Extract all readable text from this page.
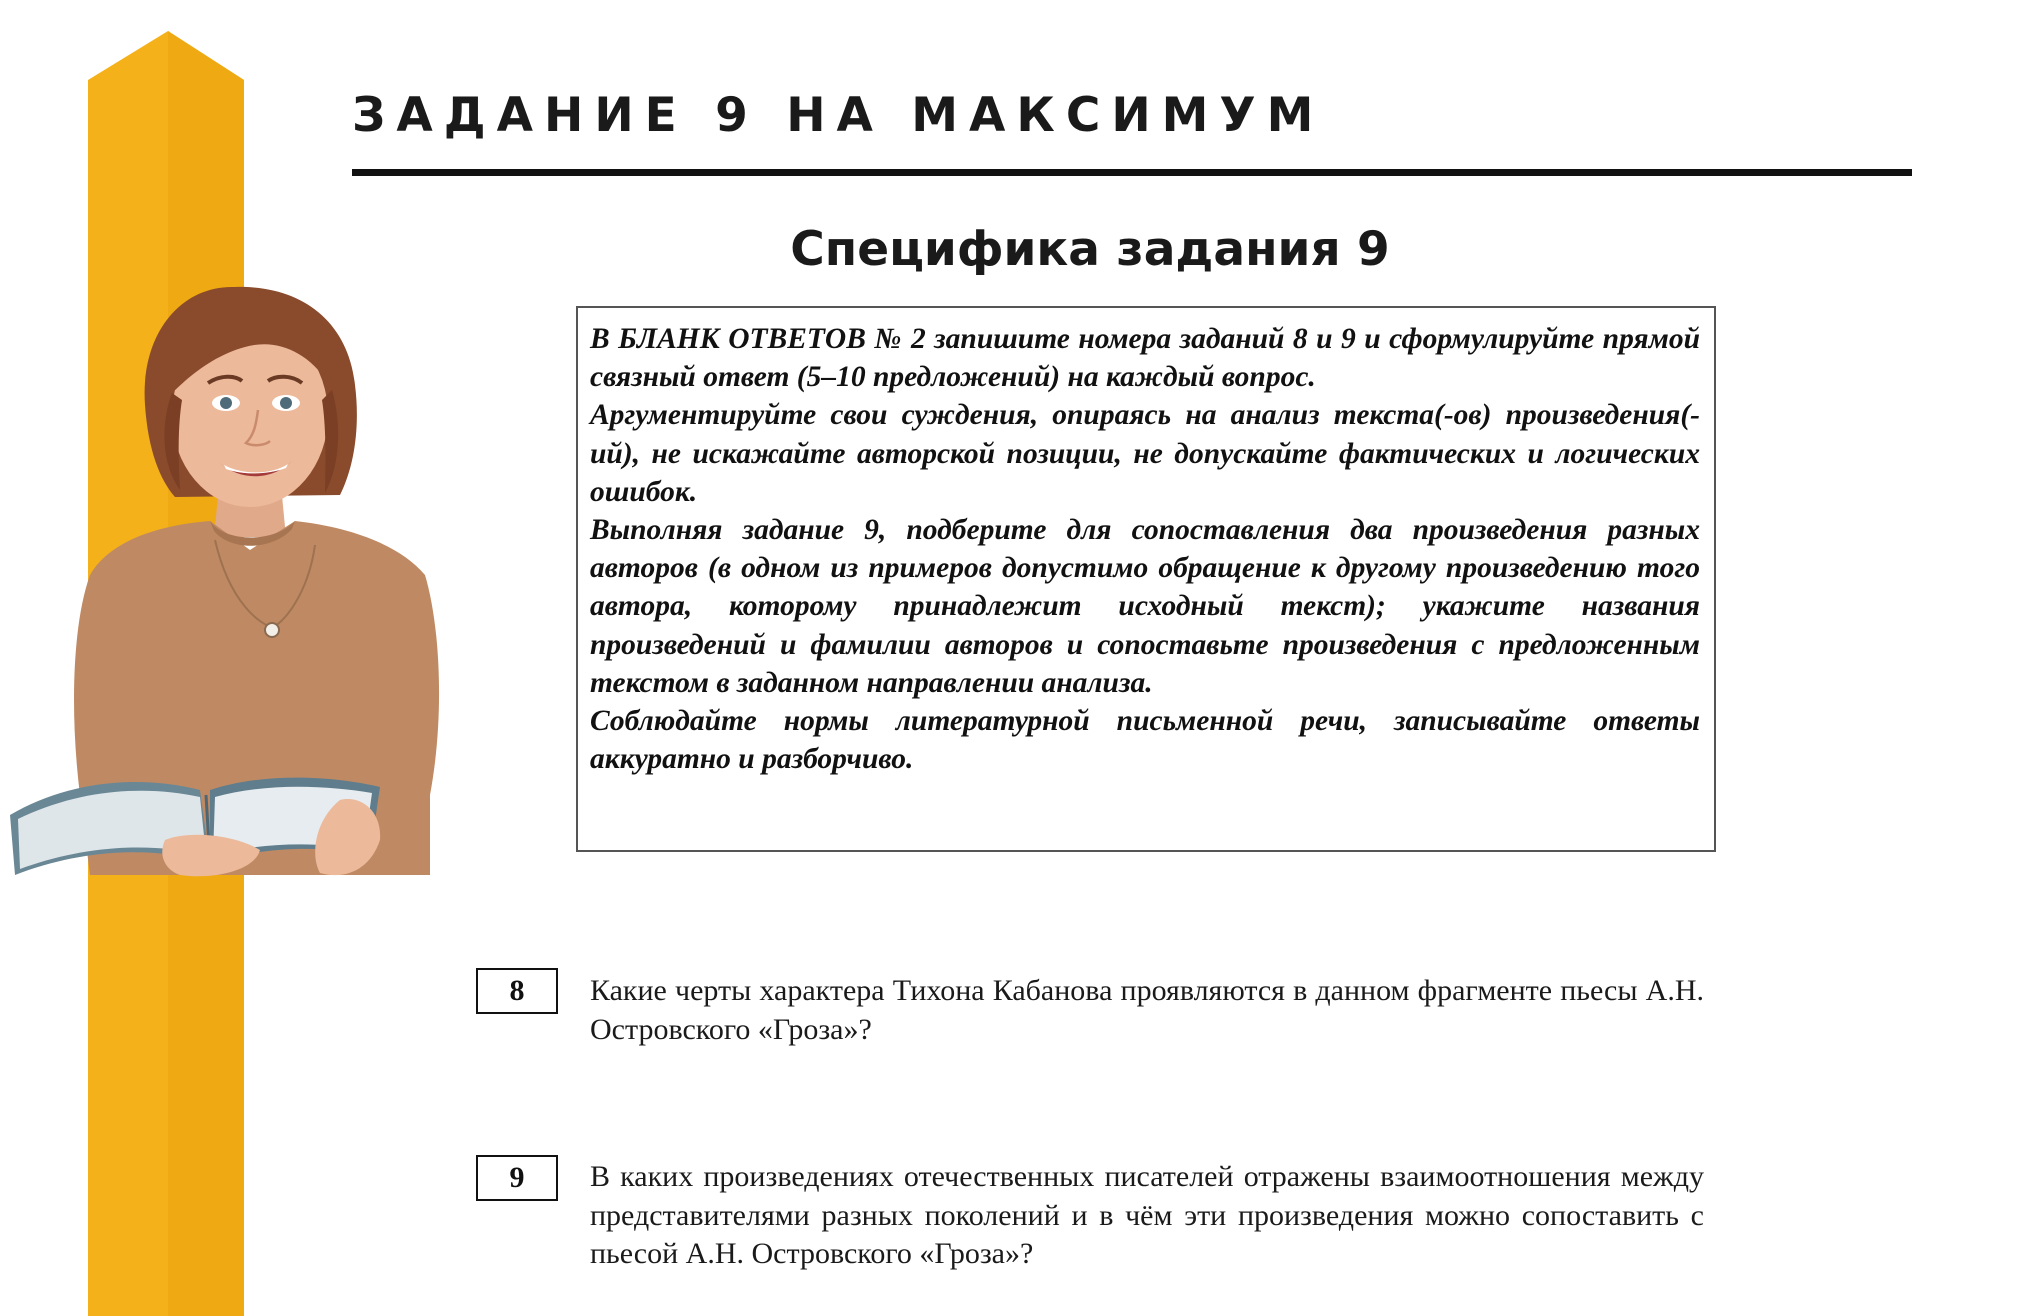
ЗАДАНИЕ 9 НА МАКСИМУМ
Специфика задания 9

В БЛАНК ОТВЕТОВ № 2 запишите номера заданий 8 и 9 и сформулируйте прямой связный ответ (5–10 предложений) на каждый вопрос.

Аргументируйте свои суждения, опираясь на анализ текста(-ов) произведения(-ий), не искажайте авторской позиции, не допускайте фактических и логических ошибок.

Выполняя задание 9, подберите для сопоставления два произведения разных авторов (в одном из примеров допустимо обращение к другому произведению того автора, которому принадлежит исходный текст); укажите названия произведений и фамилии авторов и сопоставьте произведения с предложенным текстом в заданном направлении анализа.

Соблюдайте нормы литературной письменной речи, записывайте ответы аккуратно и разборчиво.

8	Какие черты характера Тихона Кабанова проявляются в данном фрагменте пьесы А.Н. Островского «Гроза»?
9	В каких произведениях отечественных писателей отражены взаимоотношения между представителями разных поколений и в чём эти произведения можно сопоставить с пьесой А.Н. Островского «Гроза»?
